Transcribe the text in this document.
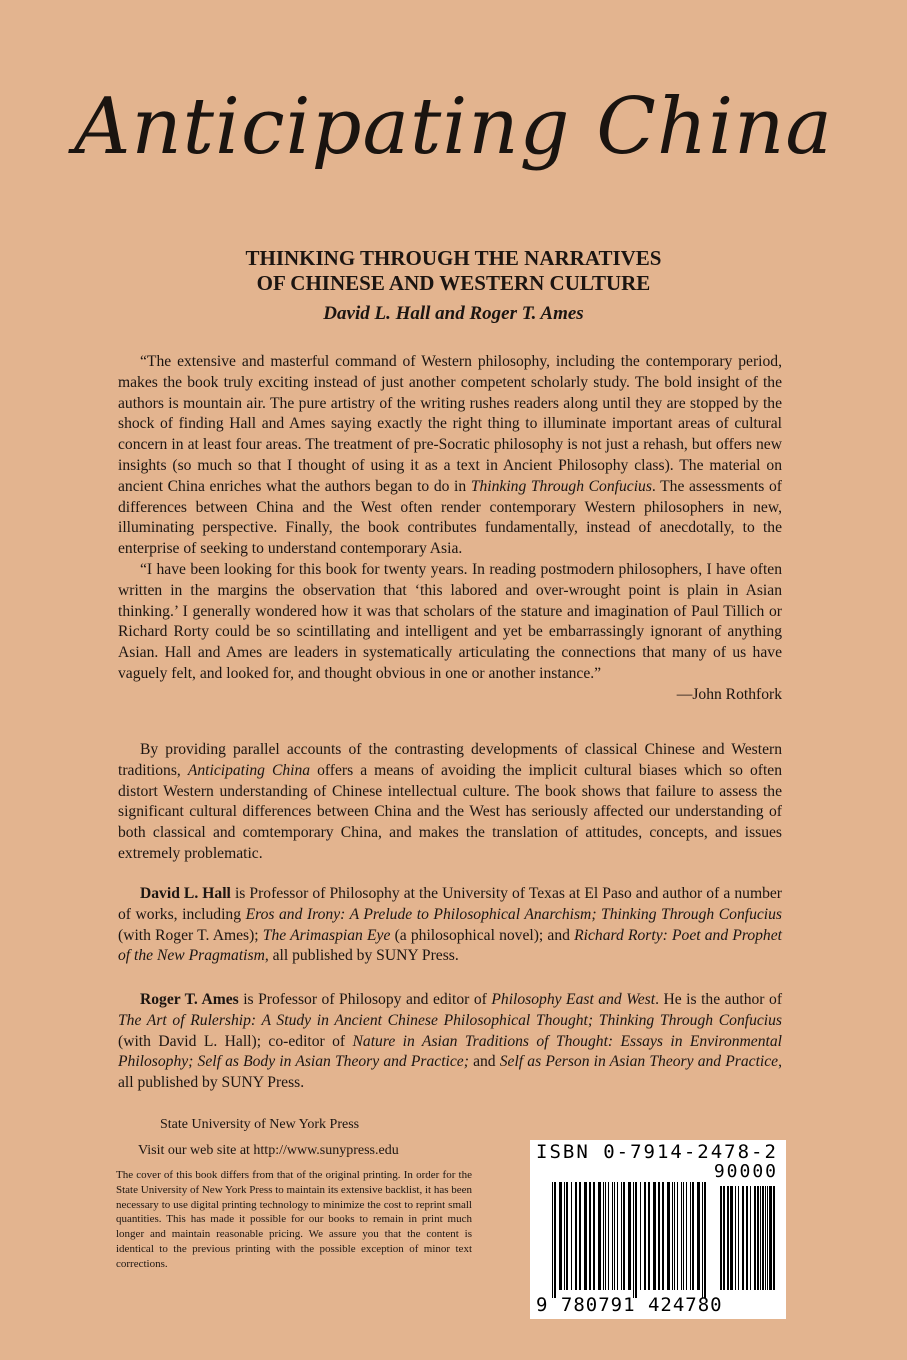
Anticipating China
THINKING THROUGH THE NARRATIVES
OF CHINESE AND WESTERN CULTURE
David L. Hall and Roger T. Ames

“The extensive and masterful command of Western philosophy, including the contemporary period, makes the book truly exciting instead of just another competent scholarly study. The bold insight of the authors is mountain air. The pure artistry of the writing rushes readers along until they are stopped by the shock of finding Hall and Ames saying exactly the right thing to illuminate important areas of cultural concern in at least four areas. The treatment of pre-Socratic philosophy is not just a rehash, but offers new insights (so much so that I thought of using it as a text in Ancient Philosophy class). The material on ancient China enriches what the authors began to do in Thinking Through Confucius. The assessments of differences between China and the West often render contemporary Western philosophers in new, illuminating perspective. Finally, the book contributes fundamentally, instead of anecdotally, to the enterprise of seeking to understand contemporary Asia.

“I have been looking for this book for twenty years. In reading postmodern philosophers, I have often written in the margins the observation that ‘this labored and over-wrought point is plain in Asian thinking.’ I generally wondered how it was that scholars of the stature and imagination of Paul Tillich or Richard Rorty could be so scintillating and intelligent and yet be embarrassingly ignorant of anything Asian. Hall and Ames are leaders in systematically articulating the connections that many of us have vaguely felt, and looked for, and thought obvious in one or another instance.”

—John Rothfork

By providing parallel accounts of the contrasting developments of classical Chinese and Western traditions, Anticipating China offers a means of avoiding the implicit cultural biases which so often distort Western understanding of Chinese intellectual culture. The book shows that failure to assess the significant cultural differences between China and the West has seriously affected our understanding of both classical and comtemporary China, and makes the translation of attitudes, concepts, and issues extremely problematic.

David L. Hall is Professor of Philosophy at the University of Texas at El Paso and author of a number of works, including Eros and Irony: A Prelude to Philosophical Anarchism; Thinking Through Confucius (with Roger T. Ames); The Arimaspian Eye (a philosophical novel); and Richard Rorty: Poet and Prophet of the New Pragmatism, all published by SUNY Press.

Roger T. Ames is Professor of Philosopy and editor of Philosophy East and West. He is the author of The Art of Rulership: A Study in Ancient Chinese Philosophical Thought; Thinking Through Confucius (with David L. Hall); co-editor of Nature in Asian Traditions of Thought: Essays in Environmental Philosophy; Self as Body in Asian Theory and Practice; and Self as Person in Asian Theory and Practice, all published by SUNY Press.

State University of New York Press
Visit our web site at http://www.sunypress.edu
The cover of this book differs from that of the original printing. In order for the State University of New York Press to maintain its extensive backlist, it has been necessary to use digital printing technology to minimize the cost to reprint small quantities. This has made it possible for our books to remain in print much longer and maintain reasonable pricing. We assure you that the content is identical to the previous printing with the possible exception of minor text corrections.
ISBN 0-7914-2478-2
90000
9 780791 424780
